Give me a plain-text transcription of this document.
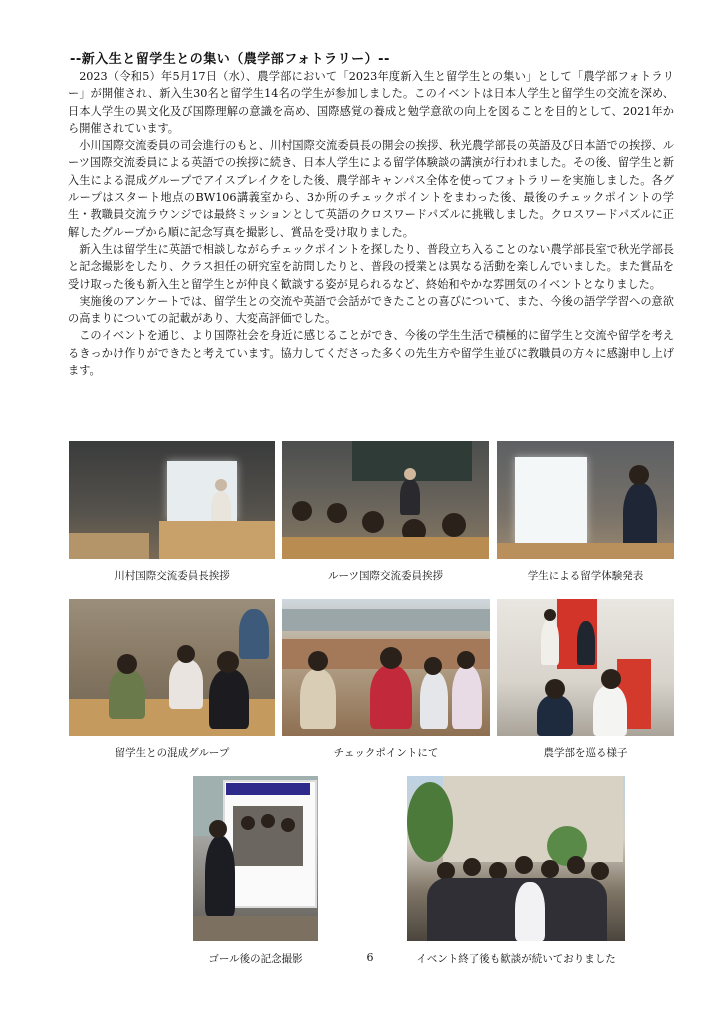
--新入生と留学生との集い（農学部フォトラリー）--

2023（令和5）年5月17日（水）、農学部において「2023年度新入生と留学生との集い」として「農学部フォトラリー」が開催され、新入生30名と留学生14名の学生が参加しました。このイベントは日本人学生と留学生の交流を深め、日本人学生の異文化及び国際理解の意識を高め、国際感覚の養成と勉学意欲の向上を図ることを目的として、2021年から開催されています。

小川国際交流委員の司会進行のもと、川村国際交流委員長の開会の挨拶、秋光農学部長の英語及び日本語での挨拶、ルーツ国際交流委員による英語での挨拶に続き、日本人学生による留学体験談の講演が行われました。その後、留学生と新入生による混成グループでアイスブレイクをした後、農学部キャンパス全体を使ってフォトラリーを実施しました。各グループはスタート地点のBW106講義室から、3か所のチェックポイントをまわった後、最後のチェックポイントの学生・教職員交流ラウンジでは最終ミッションとして英語のクロスワードパズルに挑戦しました。クロスワードパズルに正解したグループから順に記念写真を撮影し、賞品を受け取りました。

新入生は留学生に英語で相談しながらチェックポイントを探したり、普段立ち入ることのない農学部長室で秋光学部長と記念撮影をしたり、クラス担任の研究室を訪問したりと、普段の授業とは異なる活動を楽しんでいました。また賞品を受け取った後も新入生と留学生とが仲良く歓談する姿が見られるなど、終始和やかな雰囲気のイベントとなりました。

実施後のアンケートでは、留学生との交流や英語で会話ができたことの喜びについて、また、今後の語学学習への意欲の高まりについての記載があり、大変高評価でした。

このイベントを通じ、より国際社会を身近に感じることができ、今後の学生生活で積極的に留学生と交流や留学を考えるきっかけ作りができたと考えています。協力してくださった多くの先生方や留学生並びに教職員の方々に感謝申し上げます。

川村国際交流委員長挨拶	ルーツ国際交流委員挨拶	学生による留学体験発表
留学生との混成グループ	チェックポイントにて	農学部を巡る様子
ゴール後の記念撮影	イベント終了後も歓談が続いておりました
6
